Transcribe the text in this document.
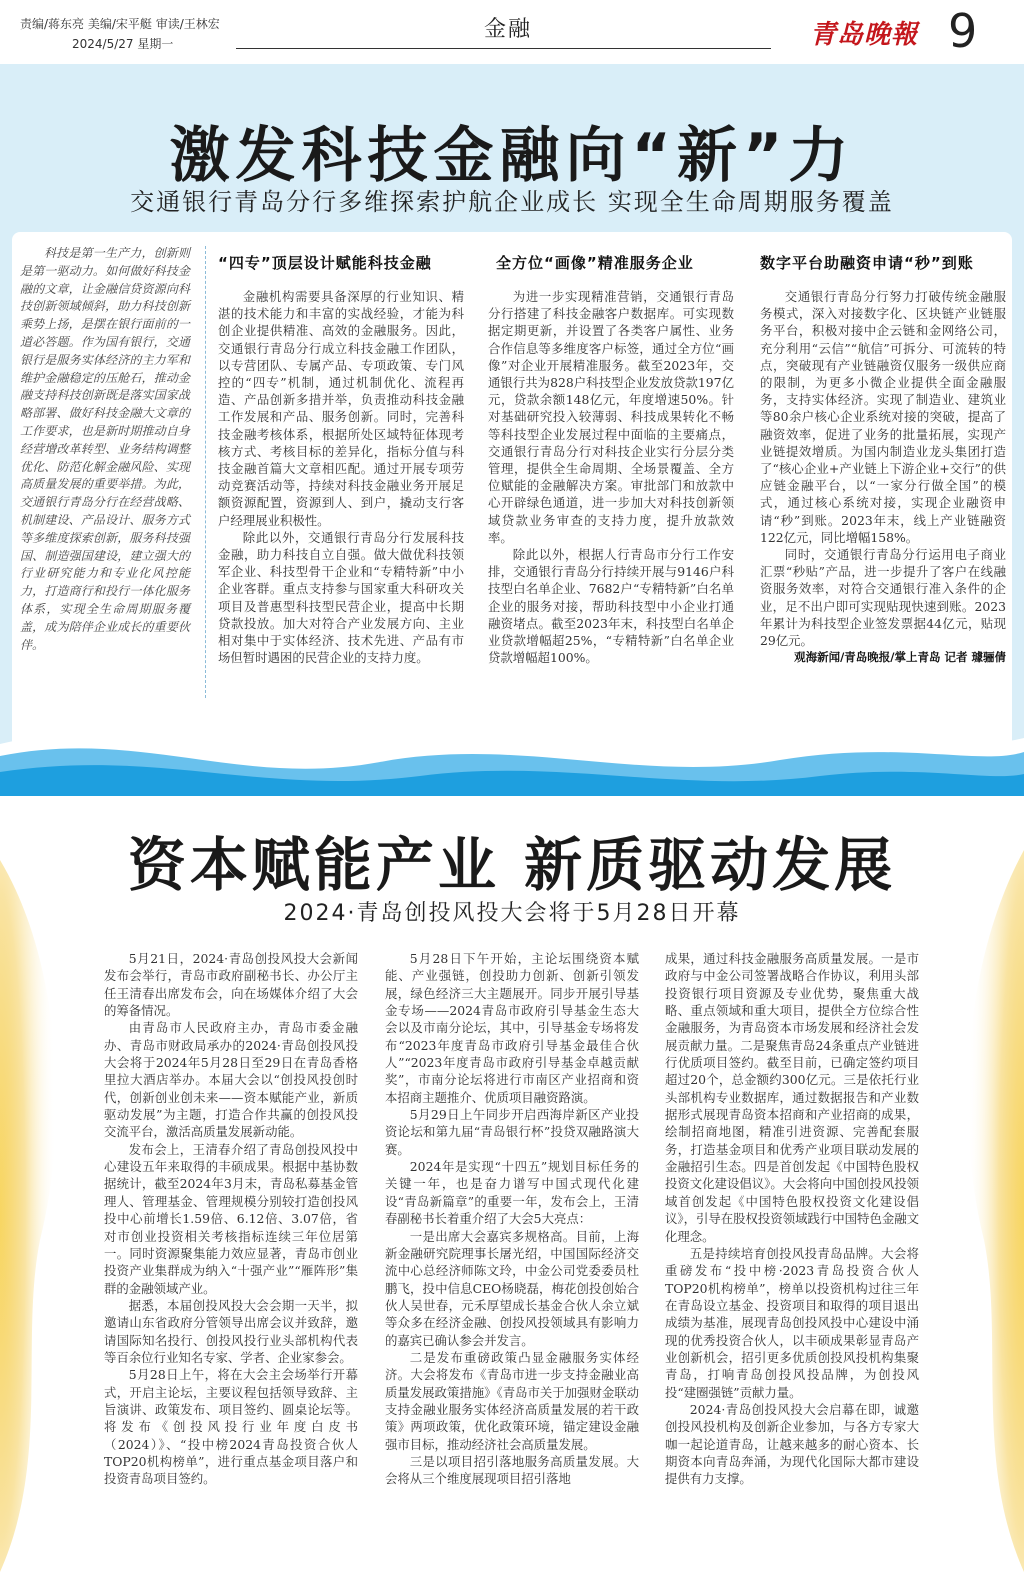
责编/蒋东亮 美编/宋平艇 审读/王林宏
2024/5/27 星期一
金融	青岛晚報 9
激发科技金融向“新”力
交通银行青岛分行多维探索护航企业成长 实现全生命周期服务覆盖

科技是第一生产力，创新则是第一驱动力。如何做好科技金融的文章，让金融信贷资源向科技创新领域倾斜，助力科技创新乘势上扬，是摆在银行面前的一道必答题。作为国有银行，交通银行是服务实体经济的主力军和维护金融稳定的压舱石，推动金融支持科技创新既是落实国家战略部署、做好科技金融大文章的工作要求，也是新时期推动自身经营增改革转型、业务结构调整优化、防范化解金融风险、实现高质量发展的重要举措。为此，交通银行青岛分行在经营战略、机制建设、产品设计、服务方式等多维度探索创新，服务科技强国、制造强国建设，建立强大的行业研究能力和专业化风控能力，打造商行和投行一体化服务体系，实现全生命周期服务覆盖，成为陪伴企业成长的重要伙伴。

“四专”顶层设计赋能科技金融

金融机构需要具备深厚的行业知识、精湛的技术能力和丰富的实战经验，才能为科创企业提供精准、高效的金融服务。因此，交通银行青岛分行成立科技金融工作团队，以专营团队、专属产品、专项政策、专门风控的“四专”机制，通过机制优化、流程再造、产品创新多措并举，负责推动科技金融工作发展和产品、服务创新。同时，完善科技金融考核体系，根据所处区域特征体现考核方式、考核目标的差异化，指标分值与科技金融首篇大文章相匹配。通过开展专项劳动竞赛活动等，持续对科技金融业务开展足额资源配置，资源到人、到户，撬动支行客户经理展业积极性。

除此以外，交通银行青岛分行发展科技金融，助力科技自立自强。做大做优科技领军企业、科技型骨干企业和“专精特新”中小企业客群。重点支持参与国家重大科研攻关项目及普惠型科技型民营企业，提高中长期贷款投放。加大对符合产业发展方向、主业相对集中于实体经济、技术先进、产品有市场但暂时遇困的民营企业的支持力度。

全方位“画像”精准服务企业

为进一步实现精准营销，交通银行青岛分行搭建了科技金融客户数据库。可实现数据定期更新，并设置了各类客户属性、业务合作信息等多维度客户标签，通过全方位“画像”对企业开展精准服务。截至2023年，交通银行共为828户科技型企业发放贷款197亿元，贷款余额148亿元，年度增速50%。针对基础研究投入较薄弱、科技成果转化不畅等科技型企业发展过程中面临的主要痛点，交通银行青岛分行对科技企业实行分层分类管理，提供全生命周期、全场景覆盖、全方位赋能的金融解决方案。审批部门和放款中心开辟绿色通道，进一步加大对科技创新领域贷款业务审查的支持力度，提升放款效率。

除此以外，根据人行青岛市分行工作安排，交通银行青岛分行持续开展与9146户科技型白名单企业、7682户“专精特新”白名单企业的服务对接，帮助科技型中小企业打通融资堵点。截至2023年末，科技型白名单企业贷款增幅超25%，“专精特新”白名单企业贷款增幅超100%。

数字平台助融资申请“秒”到账

交通银行青岛分行努力打破传统金融服务模式，深入对接数字化、区块链产业链服务平台，积极对接中企云链和金网络公司，充分利用“云信”“航信”可拆分、可流转的特点，突破现有产业链融资仅服务一级供应商的限制，为更多小微企业提供全面金融服务，支持实体经济。实现了制造业、建筑业等80余户核心企业系统对接的突破，提高了融资效率，促进了业务的批量拓展，实现产业链提效增质。为国内制造业龙头集团打造了“核心企业+产业链上下游企业+交行”的供应链金融平台，以“一家分行做全国”的模式，通过核心系统对接，实现企业融资申请“秒”到账。2023年末，线上产业链融资122亿元，同比增幅158%。

同时，交通银行青岛分行运用电子商业汇票“秒贴”产品，进一步提升了客户在线融资服务效率，对符合交通银行准入条件的企业，足不出户即可实现贴现快速到账。2023年累计为科技型企业签发票据44亿元，贴现29亿元。

观海新闻/青岛晚报/掌上青岛 记者 璩骊倩

资本赋能产业 新质驱动发展
2024·青岛创投风投大会将于5月28日开幕

5月21日，2024·青岛创投风投大会新闻发布会举行，青岛市政府副秘书长、办公厅主任王清春出席发布会，向在场媒体介绍了大会的筹备情况。

由青岛市人民政府主办，青岛市委金融办、青岛市财政局承办的2024·青岛创投风投大会将于2024年5月28日至29日在青岛香格里拉大酒店举办。本届大会以“创投风投创时代，创新创业创未来——资本赋能产业，新质驱动发展”为主题，打造合作共赢的创投风投交流平台，激活高质量发展新动能。

发布会上，王清春介绍了青岛创投风投中心建设五年来取得的丰硕成果。根据中基协数据统计，截至2024年3月末，青岛私募基金管理人、管理基金、管理规模分别较打造创投风投中心前增长1.59倍、6.12倍、3.07倍，省对市创业投资相关考核指标连续三年位居第一。同时资源聚集能力效应显著，青岛市创业投资产业集群成为纳入“十强产业”“雁阵形”集群的金融领域产业。

据悉，本届创投风投大会会期一天半，拟邀请山东省政府分管领导出席会议并致辞，邀请国际知名投行、创投风投行业头部机构代表等百余位行业知名专家、学者、企业家参会。

5月28日上午，将在大会主会场举行开幕式，开启主论坛，主要议程包括领导致辞、主旨演讲、政策发布、项目签约、圆桌论坛等。将发布《创投风投行业年度白皮书（2024）》、“投中榜2024青岛投资合伙人TOP20机构榜单”，进行重点基金项目落户和投资青岛项目签约。

5月28日下午开始，主论坛围绕资本赋能、产业强链，创投助力创新、创新引领发展，绿色经济三大主题展开。同步开展引导基金专场——2024青岛市政府引导基金生态大会以及市南分论坛，其中，引导基金专场将发布“2023年度青岛市政府引导基金最佳合伙人”“2023年度青岛市政府引导基金卓越贡献奖”，市南分论坛将进行市南区产业招商和资本招商主题推介、优质项目融资路演。

5月29日上午同步开启西海岸新区产业投资论坛和第九届“青岛银行杯”投贷双融路演大赛。

2024年是实现“十四五”规划目标任务的关键一年，也是奋力谱写中国式现代化建设“青岛新篇章”的重要一年，发布会上，王清春副秘书长着重介绍了大会5大亮点：

一是出席大会嘉宾多规格高。目前，上海新金融研究院理事长屠光绍，中国国际经济交流中心总经济师陈文玲，中金公司党委委员杜鹏飞，投中信息CEO杨晓磊，梅花创投创始合伙人吴世春，元禾厚望成长基金合伙人余立斌等众多在经济金融、创投风投领域具有影响力的嘉宾已确认参会并发言。

二是发布重磅政策凸显金融服务实体经济。大会将发布《青岛市进一步支持金融业高质量发展政策措施》《青岛市关于加强财金联动支持金融业服务实体经济高质量发展的若干政策》两项政策，优化政策环境，锚定建设金融强市目标，推动经济社会高质量发展。

三是以项目招引落地服务高质量发展。大会将从三个维度展现项目招引落地

成果，通过科技金融服务高质量发展。一是市政府与中金公司签署战略合作协议，利用头部投资银行项目资源及专业优势，聚焦重大战略、重点领域和重大项目，提供全方位综合性金融服务，为青岛资本市场发展和经济社会发展贡献力量。二是聚焦青岛24条重点产业链进行优质项目签约。截至目前，已确定签约项目超过20个，总金额约300亿元。三是依托行业头部机构专业数据库，通过数据报告和产业数据形式展现青岛资本招商和产业招商的成果，绘制招商地图，精准引进资源、完善配套服务，打造基金项目和优秀产业项目联动发展的金融招引生态。四是首创发起《中国特色股权投资文化建设倡议》。大会将向中国创投风投领域首创发起《中国特色股权投资文化建设倡议》，引导在股权投资领域践行中国特色金融文化理念。

五是持续培育创投风投青岛品牌。大会将重磅发布“投中榜·2023青岛投资合伙人TOP20机构榜单”，榜单以投资机构过往三年在青岛设立基金、投资项目和取得的项目退出成绩为基准，展现青岛创投风投中心建设中涌现的优秀投资合伙人，以丰硕成果彰显青岛产业创新机会，招引更多优质创投风投机构集聚青岛，打响青岛创投风投品牌，为创投风投“建圈强链”贡献力量。

2024·青岛创投风投大会启幕在即，诚邀创投风投机构及创新企业参加，与各方专家大咖一起论道青岛，让越来越多的耐心资本、长期资本向青岛奔涌，为现代化国际大都市建设提供有力支撑。
